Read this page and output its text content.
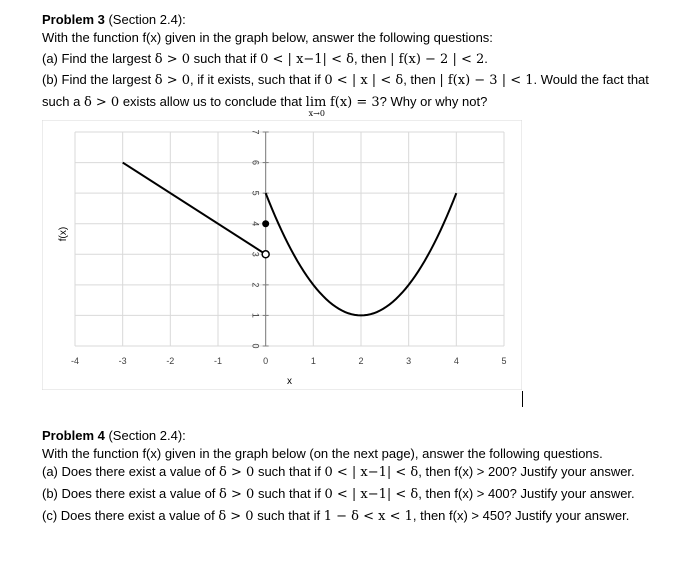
Problem 3 (Section 2.4):
With the function f(x) given in the graph below, answer the following questions:
(a) Find the largest δ > 0 such that if 0 < | x−1| < δ, then | f(x) − 2 | < 2.
(b) Find the largest δ > 0, if it exists, such that if 0 < | x | < δ, then | f(x) − 3 | < 1. Would the fact that
such a δ > 0 exists allow us to conclude that lim
x→0
f(x) = 3? Why or why not?
-4	-3	-2	-1	0	1	2	3	4	5
0
1
2
3
4
5
6
7
x
f(x)
Problem 4 (Section 2.4):
With the function f(x) given in the graph below (on the next page), answer the following questions.
(a) Does there exist a value of δ > 0 such that if 0 < | x−1| < δ, then f(x) > 200? Justify your answer.
(b) Does there exist a value of δ > 0 such that if 0 < | x−1| < δ, then f(x) > 400? Justify your answer.
(c) Does there exist a value of δ > 0 such that if 1 − δ < x < 1, then f(x) > 450? Justify your answer.
